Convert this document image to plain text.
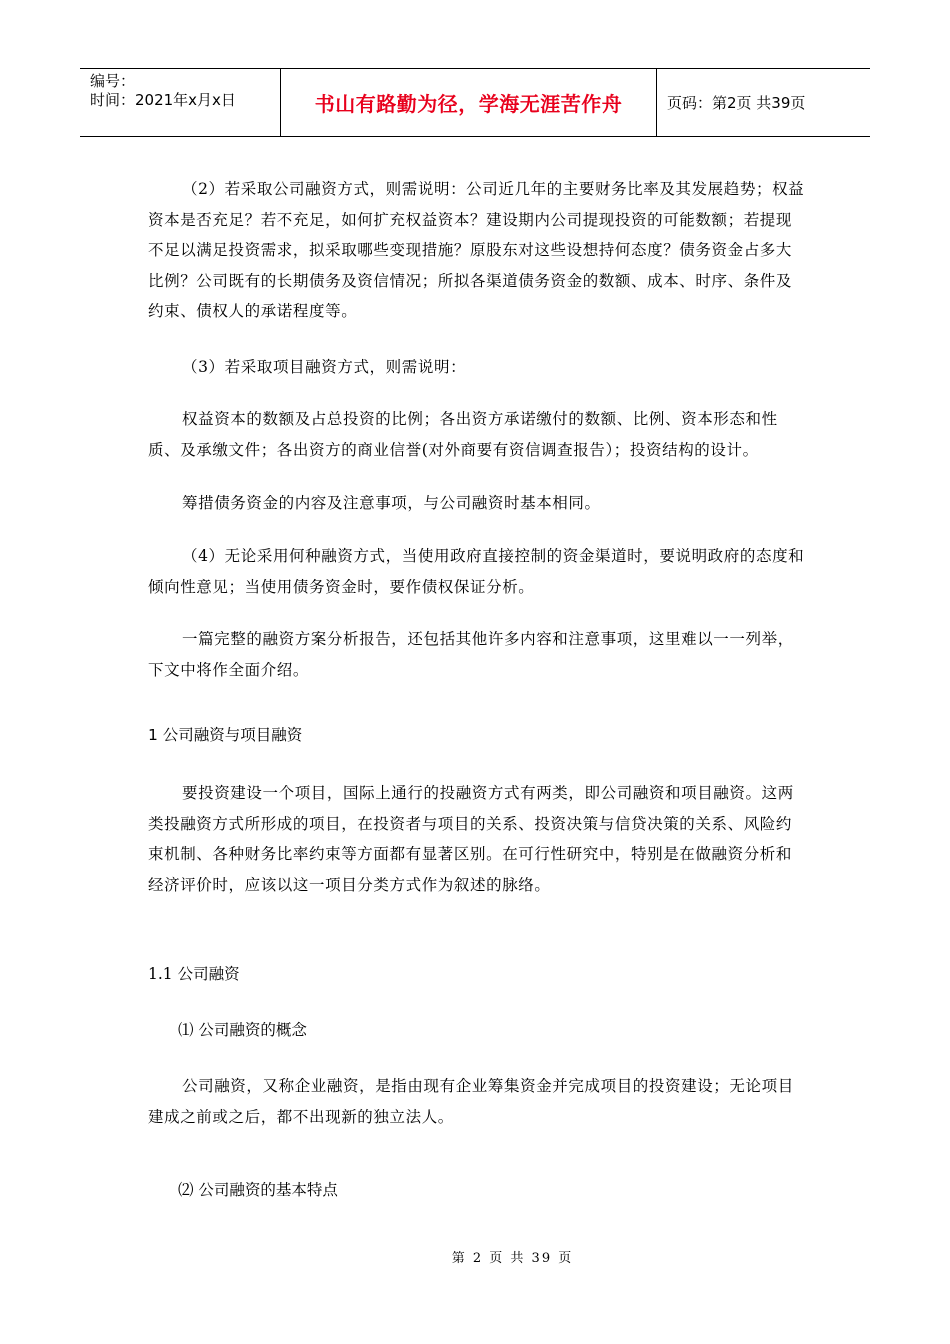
编号：
时间：2021年x月x日	书山有路勤为径，学海无涯苦作舟	页码：第2页 共39页

（2）若采取公司融资方式，则需说明：公司近几年的主要财务比率及其发展趋势；权益资本是否充足？若不充足，如何扩充权益资本？建设期内公司提现投资的可能数额；若提现不足以满足投资需求，拟采取哪些变现措施？原股东对这些设想持何态度？债务资金占多大比例？公司既有的长期债务及资信情况；所拟各渠道债务资金的数额、成本、时序、条件及约束、债权人的承诺程度等。

（3）若采取项目融资方式，则需说明：

权益资本的数额及占总投资的比例；各出资方承诺缴付的数额、比例、资本形态和性质、及承缴文件；各出资方的商业信誉(对外商要有资信调查报告）；投资结构的设计。

筹措债务资金的内容及注意事项，与公司融资时基本相同。

（4）无论采用何种融资方式，当使用政府直接控制的资金渠道时，要说明政府的态度和倾向性意见；当使用债务资金时，要作债权保证分析。

一篇完整的融资方案分析报告，还包括其他许多内容和注意事项，这里难以一一列举，下文中将作全面介绍。

1 公司融资与项目融资

要投资建设一个项目，国际上通行的投融资方式有两类，即公司融资和项目融资。这两类投融资方式所形成的项目，在投资者与项目的关系、投资决策与信贷决策的关系、风险约束机制、各种财务比率约束等方面都有显著区别。在可行性研究中，特别是在做融资分析和经济评价时，应该以这一项目分类方式作为叙述的脉络。

1.1 公司融资

⑴ 公司融资的概念

公司融资，又称企业融资，是指由现有企业筹集资金并完成项目的投资建设；无论项目建成之前或之后，都不出现新的独立法人。

⑵ 公司融资的基本特点

第 2 页 共 39 页
